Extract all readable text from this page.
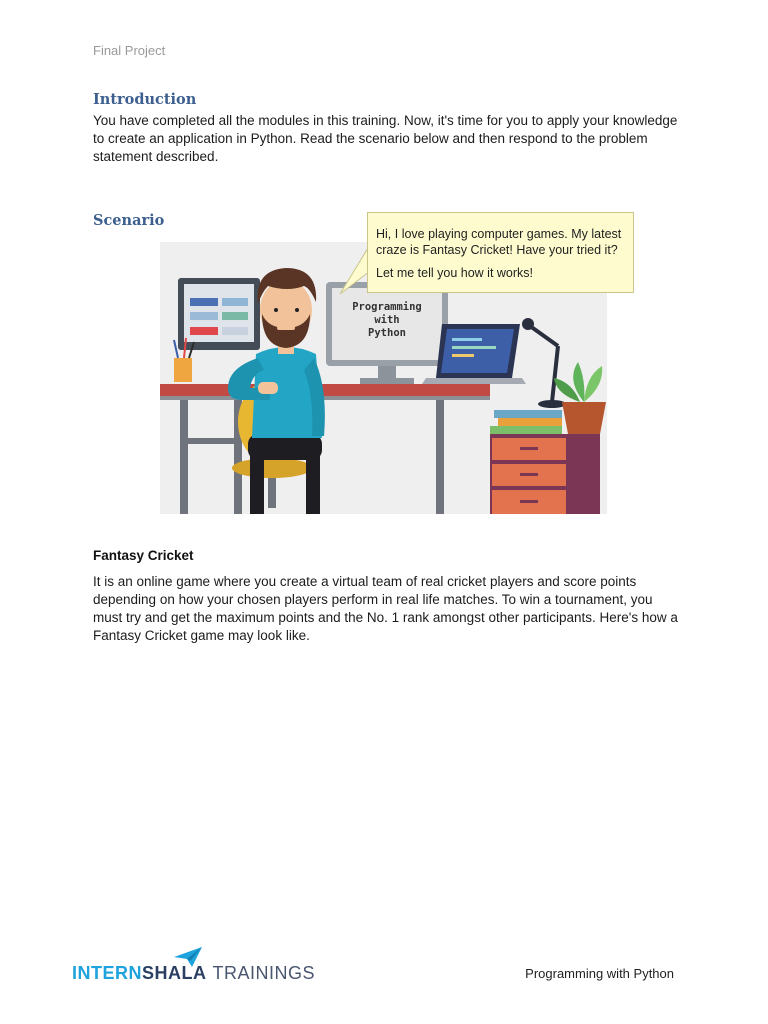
Final Project
Introduction

You have completed all the modules in this training. Now, it's time for you to apply your knowledge to create an application in Python. Read the scenario below and then respond to the problem statement described.

Scenario
Programming
with
Python
Hi, I love playing computer games. My latest craze is Fantasy Cricket! Have your tried it?
Let me tell you how it works!
Fantasy Cricket

It is an online game where you create a virtual team of real cricket players and score points depending on how your chosen players perform in real life matches. To win a tournament, you must try and get the maximum points and the No. 1 rank amongst other participants. Here's how a Fantasy Cricket game may look like.

INTERNSHALA TRAININGS	Programming with Python
